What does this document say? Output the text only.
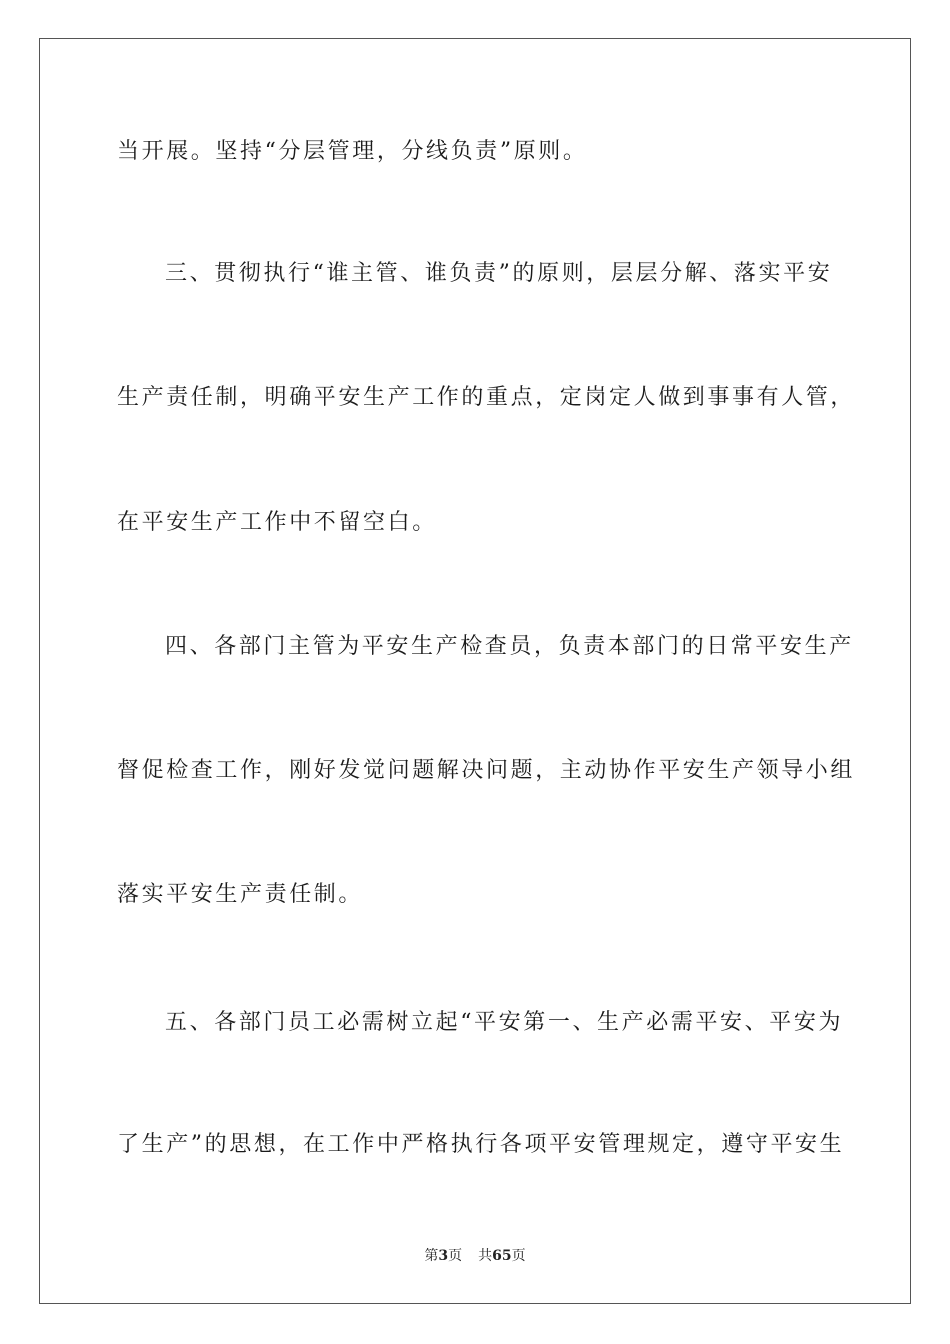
当开展。坚持“分层管理，分线负责”原则。
三、贯彻执行“谁主管、谁负责”的原则，层层分解、落实平安
生产责任制，明确平安生产工作的重点，定岗定人做到事事有人管，
在平安生产工作中不留空白。
四、各部门主管为平安生产检查员，负责本部门的日常平安生产
督促检查工作，刚好发觉问题解决问题，主动协作平安生产领导小组
落实平安生产责任制。
五、各部门员工必需树立起“平安第一、生产必需平安、平安为
了生产”的思想，在工作中严格执行各项平安管理规定，遵守平安生
第3页 共65页
